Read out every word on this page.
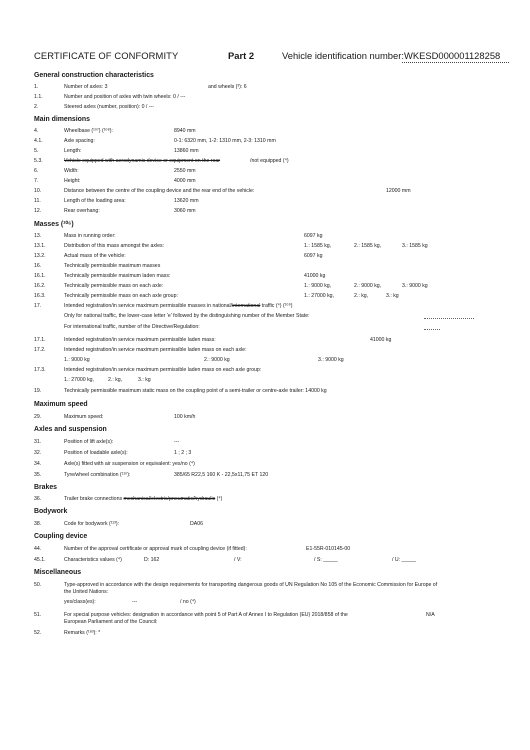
CERTIFICATE OF CONFORMITY	Part 2	Vehicle identification number: WKESD000001128258
General construction characteristics
1.	Number of axles: 3	and wheels (³): 6
1.1.	Number and position of axles with twin wheels: 0 / ---
2.	Steered axles (number, position): 0 / ---
Main dimensions
4.	Wheelbase (¹⁰⁷) (¹⁰⁸):	8940 mm
4.1.	Axle spacing:	0-1: 6320 mm, 1-2: 1310 mm, 2-3: 1310 mm
5.	Length:	13860 mm
5.3.	Vehicle equipped with aerodynamic device or equipment on the rear	/not equipped (⁴)
6.	Width:	2550 mm
7.	Height:	4000 mm
10.	Distance between the centre of the coupling device and the rear end of the vehicle:	12000 mm
11.	Length of the loading area:	13620 mm
12.	Rear overhang:	3060 mm
Masses (¹⁰⁶)
13.	Mass in running order:	6097 kg
13.1.	Distribution of this mass amongst the axles:	1.: 1585 kg,	2.: 1585 kg,	3.: 1585 kg
13.2.	Actual mass of the vehicle:	6097 kg
16.	Technically permissible maximum masses
16.1.	Technically permissible maximum laden mass:	41000 kg
16.2.	Technically permissible mass on each axle:	1.: 9000 kg,	2.: 9000 kg,	3.: 9000 kg
16.3.	Technically permissible mass on each axle group:	1.: 27000 kg,	2.: kg,	3.: kg
17.	Intended registration/in service maximum permissible masses in national/international traffic (⁴) (¹⁰⁹)
Only for national traffic, the lower-case letter 'e' followed by the distinguishing number of the Member State:
For international traffic, number of the Directive/Regulation:
17.1.	Intended registration/in service maximum permissible laden mass:	41000 kg
17.2.	Intended registration/in service maximum permissible laden mass on each axle:
1.: 9000 kg	2.: 9000 kg	3.: 9000 kg
17.3.	Intended registration/in service maximum permissible laden mass on each axle group:
1.: 27000 kg,	2.: kg,	3.: kg
19.	Technically permissible maximum static mass on the coupling point of a semi-trailer or centre-axle trailer: 14000 kg
Maximum speed
29.	Maximum speed:	100 km/h
Axles and suspension
31.	Position of lift axle(s):	---
32.	Position of loadable axle(s):	1 ; 2 ; 3
34.	Axle(s) fitted with air suspension or equivalent: yes/no (⁴)
35.	Tyre/wheel combination (¹¹⁰):	385/65 R22,5 160 K - 22,5x11,75 ET 120
Brakes
36.	Trailer brake connections mechanical/electric/pneumatic/hydraulic (⁴)
Bodywork
38.	Code for bodywork (¹¹³):	DA06
Coupling device
44.	Number of the approval certificate or approval mark of coupling device (if fitted):	E1-55R-010145-00
45.1.	Characteristics values (⁴)	D: 162	/ V:	/ S: _____	/ U: _____
Miscellaneous
50.	Type-approved in accordance with the design requirements for transporting dangerous goods of UN Regulation No 105 of the Economic Commission for Europe of
the United Nations:
yes/class(es):	---	/ no (⁴)
51.	For special purpose vehicles: designation in accordance with point 5 of Part A of Annex I to Regulation (EU) 2018/858 of the	N/A
European Parliament and of the Council:
52.	Remarks (¹⁸³): *
